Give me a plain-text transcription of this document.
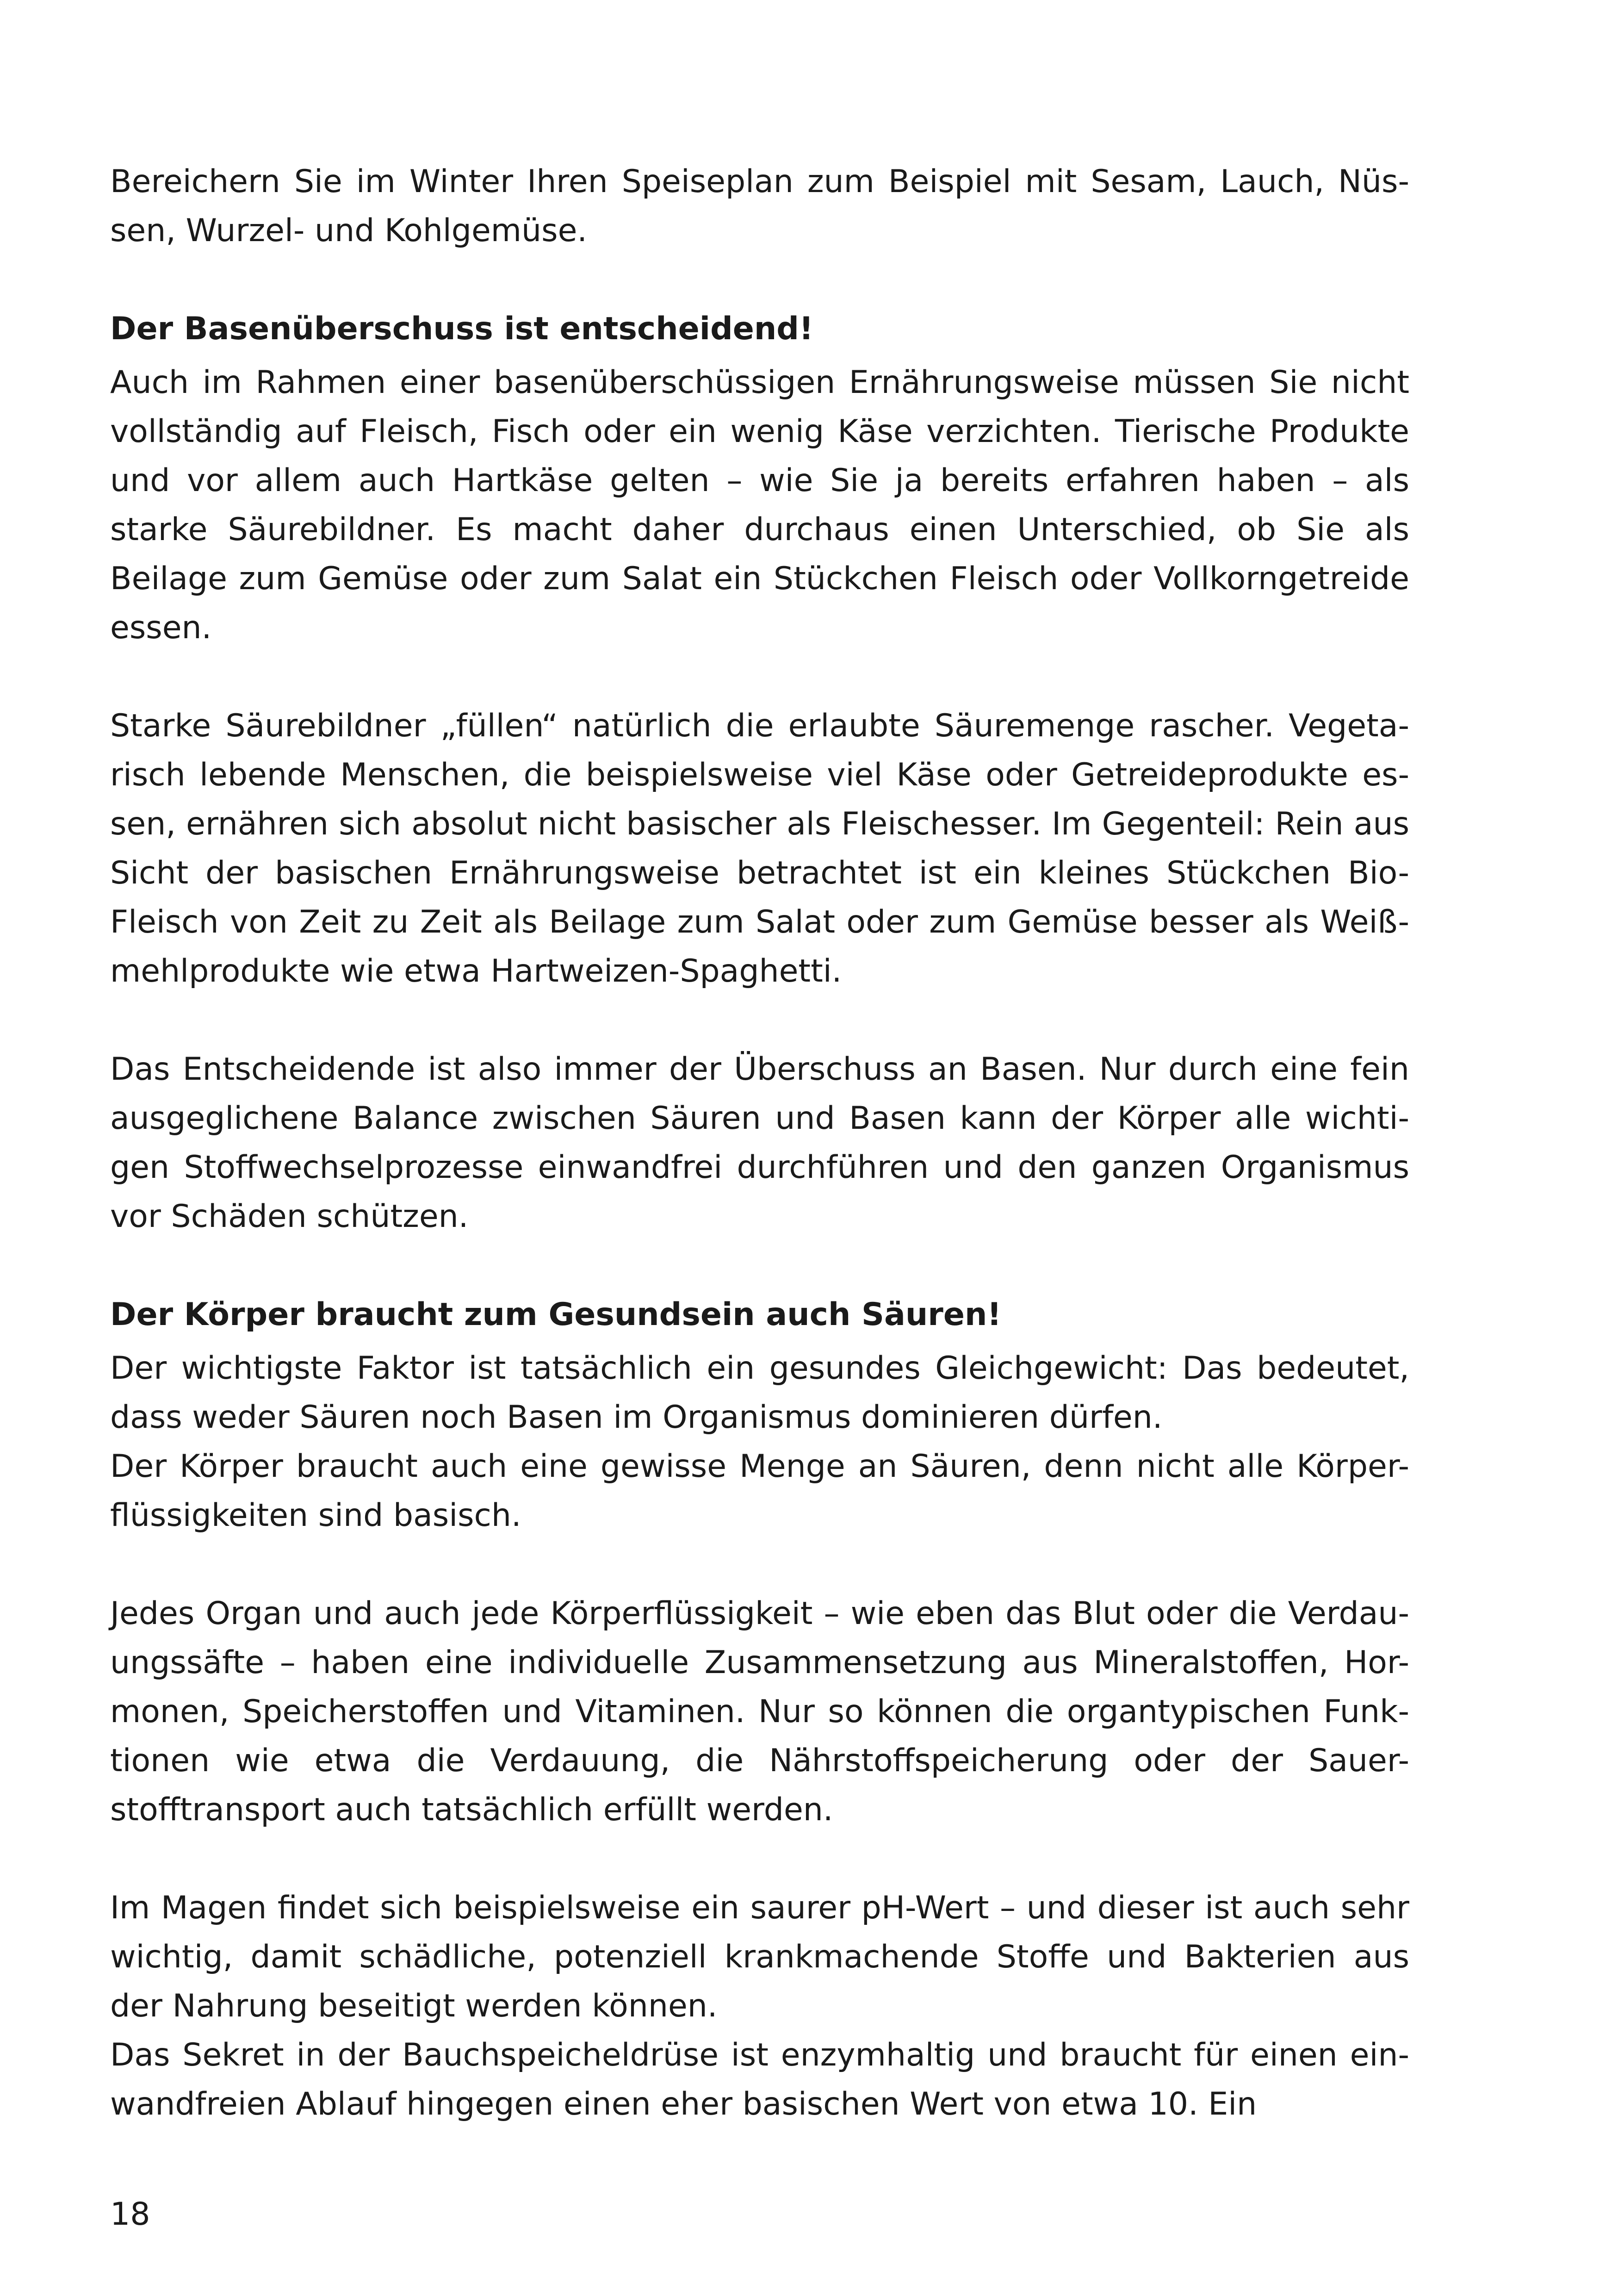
Bereichern Sie im Winter Ihren Speiseplan zum Beispiel mit Sesam, Lauch, Nüs-sen, Wurzel- und Kohlgemüse.

Der Basenüberschuss ist entscheidend!

Auch im Rahmen einer basenüberschüssigen Ernährungsweise müssen Sie nicht vollständig auf Fleisch, Fisch oder ein wenig Käse verzichten. Tierische Produkte und vor allem auch Hartkäse gelten – wie Sie ja bereits erfahren haben – als starke Säurebildner. Es macht daher durchaus einen Unterschied, ob Sie als Beilage zum Gemüse oder zum Salat ein Stückchen Fleisch oder Vollkorngetreide essen.

Starke Säurebildner „füllen“ natürlich die erlaubte Säuremenge rascher. Vegeta-risch lebende Menschen, die beispielsweise viel Käse oder Getreideprodukte es-sen, ernähren sich absolut nicht basischer als Fleischesser. Im Gegenteil: Rein aus Sicht der basischen Ernährungsweise betrachtet ist ein kleines Stückchen Bio-Fleisch von Zeit zu Zeit als Beilage zum Salat oder zum Gemüse besser als Weiß-mehlprodukte wie etwa Hartweizen-Spaghetti.

Das Entscheidende ist also immer der Überschuss an Basen. Nur durch eine fein ausgeglichene Balance zwischen Säuren und Basen kann der Körper alle wichti-gen Stoffwechselprozesse einwandfrei durchführen und den ganzen Organismus vor Schäden schützen.

Der Körper braucht zum Gesundsein auch Säuren!

Der wichtigste Faktor ist tatsächlich ein gesundes Gleichgewicht: Das bedeutet, dass weder Säuren noch Basen im Organismus dominieren dürfen.

Der Körper braucht auch eine gewisse Menge an Säuren, denn nicht alle Körper-flüssigkeiten sind basisch.

Jedes Organ und auch jede Körperflüssigkeit – wie eben das Blut oder die Verdau-ungssäfte – haben eine individuelle Zusammensetzung aus Mineralstoffen, Hor-monen, Speicherstoffen und Vitaminen. Nur so können die organtypischen Funk-tionen wie etwa die Verdauung, die Nährstoffspeicherung oder der Sauer-stofftransport auch tatsächlich erfüllt werden.

Im Magen findet sich beispielsweise ein saurer pH-Wert – und dieser ist auch sehr wichtig, damit schädliche, potenziell krankmachende Stoffe und Bakterien aus der Nahrung beseitigt werden können.

Das Sekret in der Bauchspeicheldrüse ist enzymhaltig und braucht für einen ein-wandfreien Ablauf hingegen einen eher basischen Wert von etwa 10. Ein

18
